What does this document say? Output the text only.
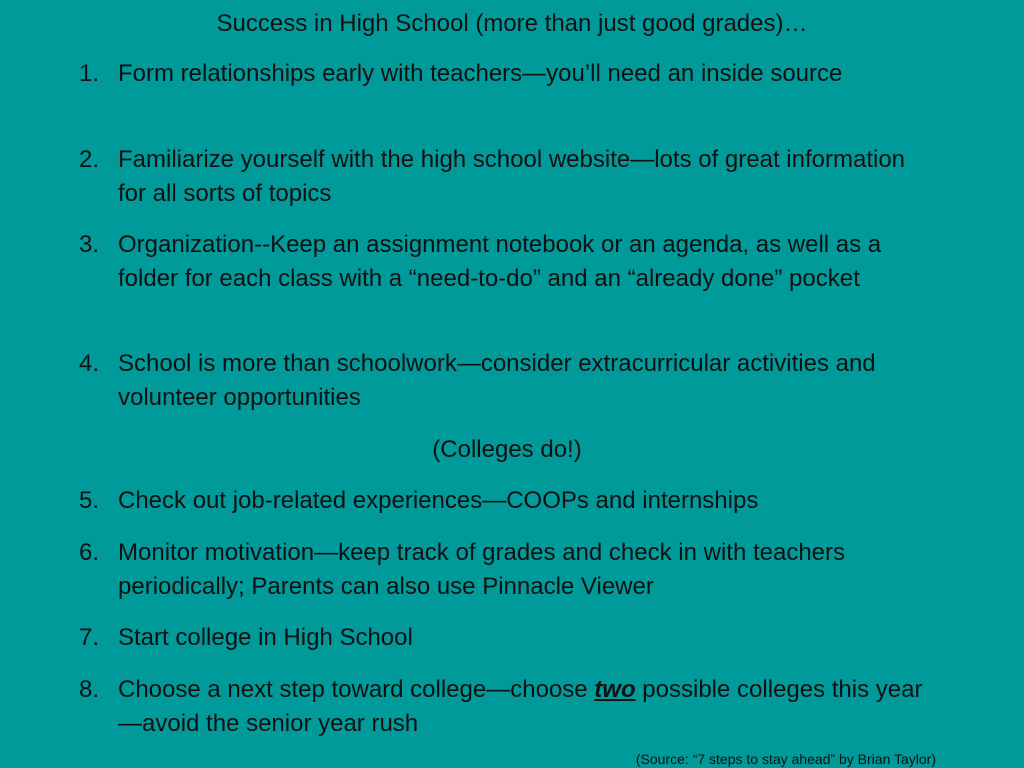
Success in High School (more than just good grades)…
1. Form relationships early with teachers—you’ll need an inside source
2. Familiarize yourself with the high school website—lots of great information for all sorts of topics
3. Organization--Keep an assignment notebook or an agenda, as well as a folder for each class with a “need-to-do” and an “already done” pocket
4. School is more than schoolwork—consider extracurricular activities and volunteer opportunities
(Colleges do!)
5. Check out job-related experiences—COOPs and internships
6. Monitor motivation—keep track of grades and check in with teachers periodically; Parents can also use Pinnacle Viewer
7. Start college in High School
8. Choose a next step toward college—choose two possible colleges this year—avoid the senior year rush
(Source: “7 steps to stay ahead” by Brian Taylor)
